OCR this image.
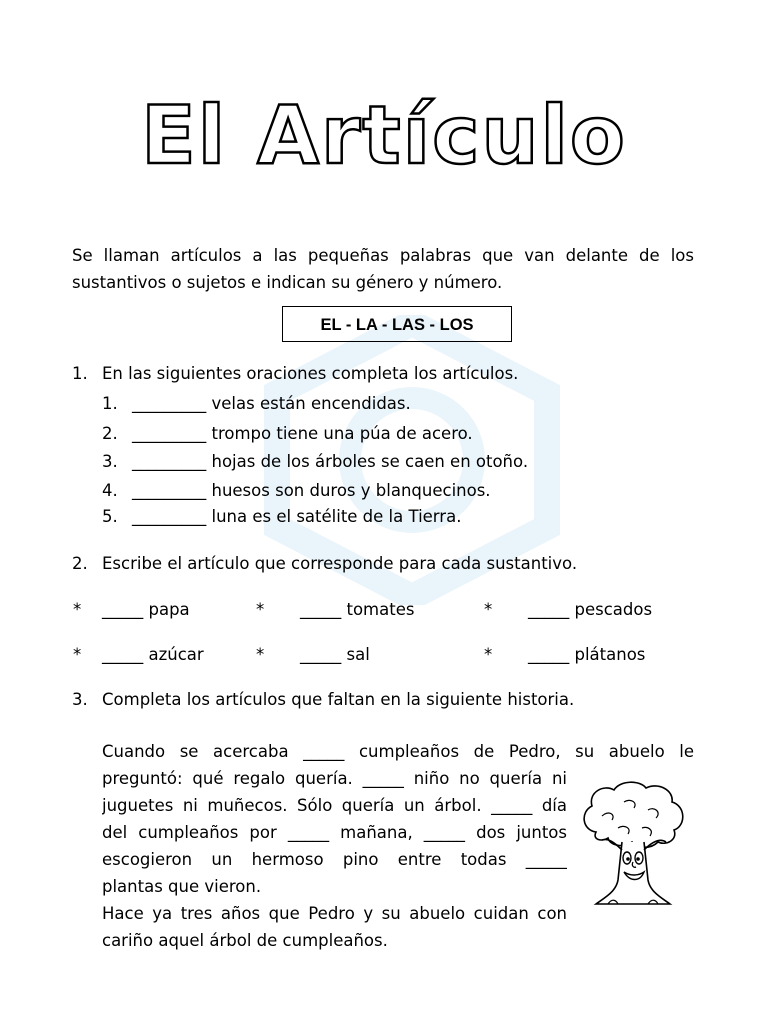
El Artículo
Se llaman artículos a las pequeñas palabras que van delante de los sustantivos o sujetos e indican su género y número.
EL - LA - LAS - LOS
1. En las siguientes oraciones completa los artículos.
1. _________ velas están encendidas.
2. _________ trompo tiene una púa de acero.
3. _________ hojas de los árboles se caen en otoño.
4. _________ huesos son duros y blanquecinos.
5. _________ luna es el satélite de la Tierra.
2. Escribe el artículo que corresponde para cada sustantivo.
* _____ papa	* _____ tomates	* _____ pescados
* _____ azúcar	* _____ sal	* _____ plátanos
3. Completa los artículos que faltan en la siguiente historia.
Cuando se acercaba _____ cumpleaños de Pedro, su abuelo le
preguntó: qué regalo quería. _____ niño no quería ni
juguetes ni muñecos. Sólo quería un árbol. _____ día
del cumpleaños por _____ mañana, _____ dos juntos
escogieron un hermoso pino entre todas _____
plantas que vieron.
Hace ya tres años que Pedro y su abuelo cuidan con
cariño aquel árbol de cumpleaños.
